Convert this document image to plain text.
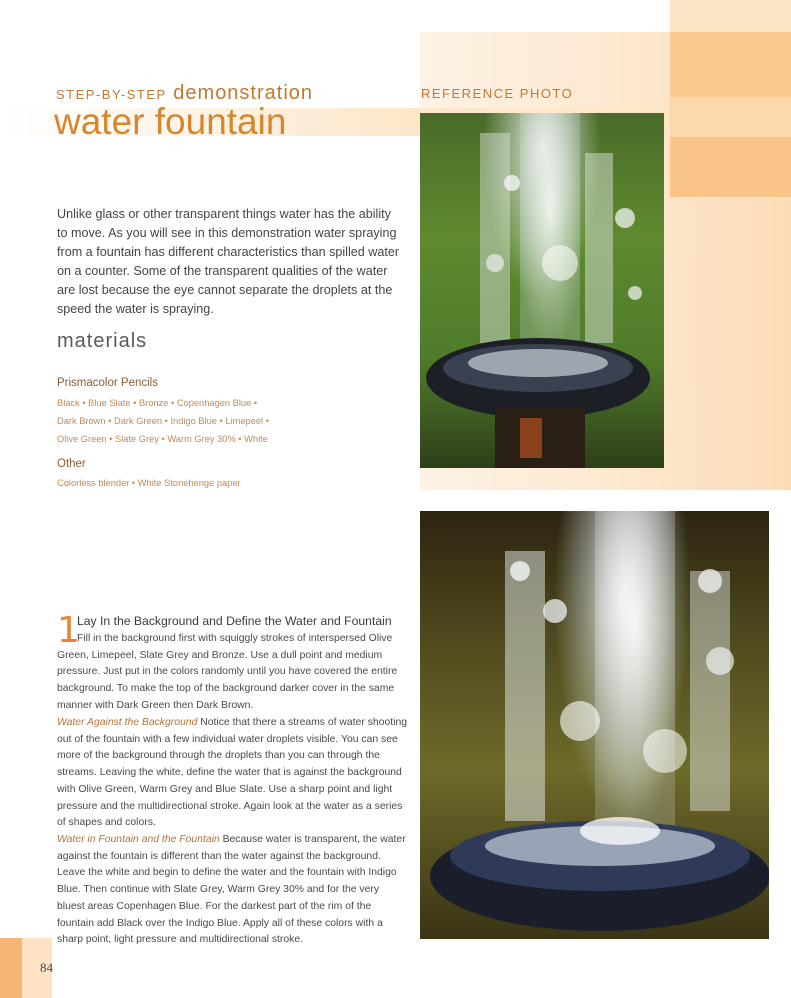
STEP-BY-STEP demonstration
water fountain
REFERENCE PHOTO

Unlike glass or other transparent things water has the ability to move. As you will see in this demonstration water spraying from a fountain has different characteristics than spilled water on a counter. Some of the transparent qualities of the water are lost because the eye cannot separate the droplets at the speed the water is spraying.

materials
Prismacolor Pencils
Black • Blue Slate • Bronze • Copenhagen Blue •
Dark Brown • Dark Green • Indigo Blue • Limepeel •
Olive Green • Slate Grey • Warm Grey 30% • White
Other
Colorless blender • White Stonehenge paper
1
Lay In the Background and Define the Water and Fountain

Fill in the background first with squiggly strokes of interspersed Olive Green, Limepeel, Slate Grey and Bronze. Use a dull point and medium pressure. Just put in the colors randomly until you have covered the entire background. To make the top of the background darker cover in the same manner with Dark Green then Dark Brown.

Water Against the Background Notice that there a streams of water shooting out of the fountain with a few individual water droplets visible. You can see more of the background through the droplets than you can through the streams. Leaving the white, define the water that is against the background with Olive Green, Warm Grey and Blue Slate. Use a sharp point and light pressure and the multidirectional stroke. Again look at the water as a series of shapes and colors.

Water in Fountain and the Fountain Because water is transparent, the water against the fountain is different than the water against the background. Leave the white and begin to define the water and the fountain with Indigo Blue. Then continue with Slate Grey, Warm Grey 30% and for the very bluest areas Copenhagen Blue. For the darkest part of the rim of the fountain add Black over the Indigo Blue. Apply all of these colors with a sharp point, light pressure and multidirectional stroke.

84
